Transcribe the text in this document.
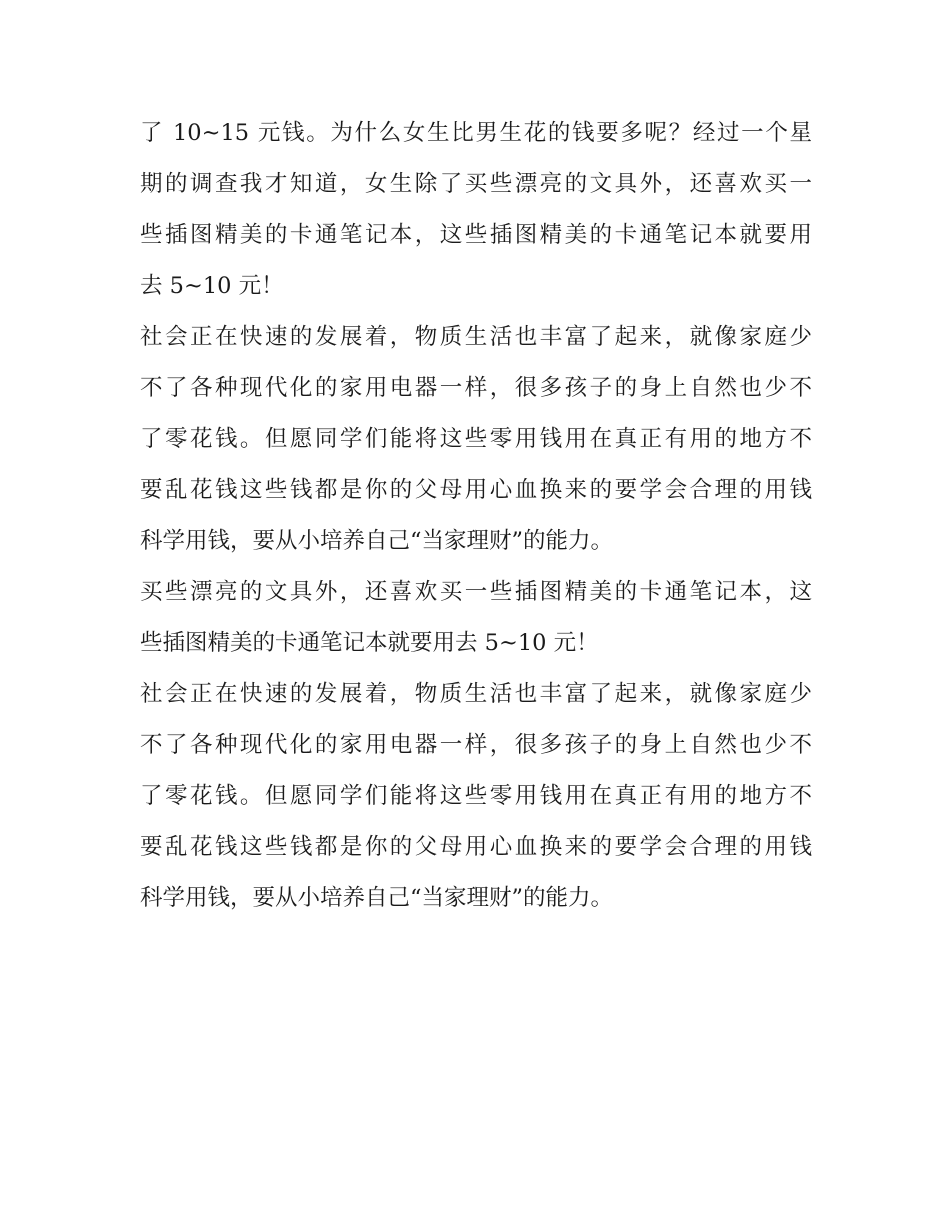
了 10~15 元钱。为什么女生比男生花的钱要多呢？经过一个星
期的调查我才知道，女生除了买些漂亮的文具外，还喜欢买一
些插图精美的卡通笔记本，这些插图精美的卡通笔记本就要用
去 5~10 元！
社会正在快速的发展着，物质生活也丰富了起来，就像家庭少
不了各种现代化的家用电器一样，很多孩子的身上自然也少不
了零花钱。但愿同学们能将这些零用钱用在真正有用的地方不
要乱花钱这些钱都是你的父母用心血换来的要学会合理的用钱
科学用钱，要从小培养自己“当家理财”的能力。
买些漂亮的文具外，还喜欢买一些插图精美的卡通笔记本，这
些插图精美的卡通笔记本就要用去 5~10 元！
社会正在快速的发展着，物质生活也丰富了起来，就像家庭少
不了各种现代化的家用电器一样，很多孩子的身上自然也少不
了零花钱。但愿同学们能将这些零用钱用在真正有用的地方不
要乱花钱这些钱都是你的父母用心血换来的要学会合理的用钱
科学用钱，要从小培养自己“当家理财”的能力。
